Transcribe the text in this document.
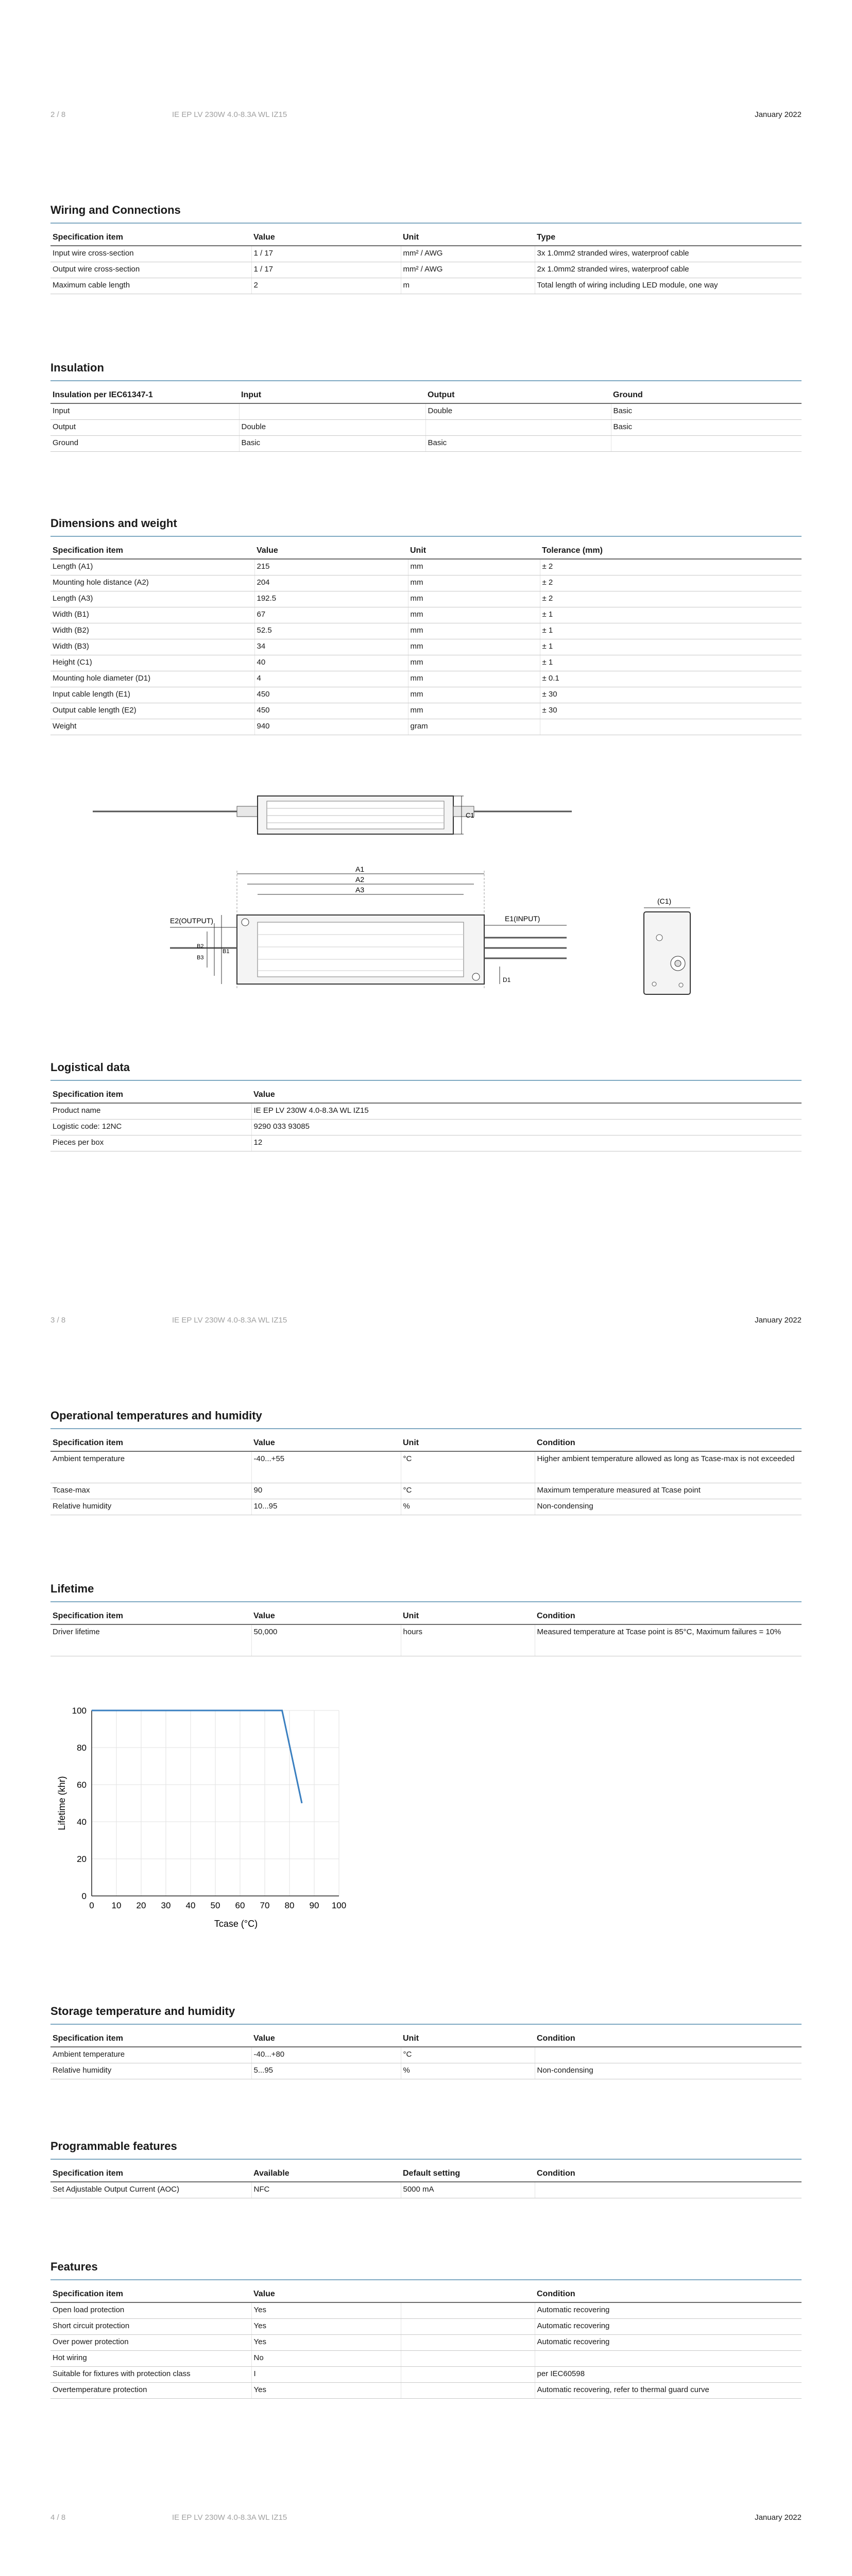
2 / 8	IE EP LV 230W 4.0-8.3A WL IZ15	January 2022
Wiring and Connections
Specification item	Value	Unit	Type
Input wire cross-section	1 / 17	mm² / AWG	3x 1.0mm2 stranded wires, waterproof cable
Output wire cross-section	1 / 17	mm² / AWG	2x 1.0mm2 stranded wires, waterproof cable
Maximum cable length	2	m	Total length of wiring including LED module, one way
Insulation
Insulation per IEC61347-1	Input	Output	Ground
Input		Double	Basic
Output	Double		Basic
Ground	Basic	Basic	
Dimensions and weight
Specification item	Value	Unit	Tolerance (mm)
Length (A1)	215	mm	± 2
Mounting hole distance (A2)	204	mm	± 2
Length (A3)	192.5	mm	± 2
Width (B1)	67	mm	± 1
Width (B2)	52.5	mm	± 1
Width (B3)	34	mm	± 1
Height (C1)	40	mm	± 1
Mounting hole diameter (D1)	4	mm	± 0.1
Input cable length (E1)	450	mm	± 30
Output cable length (E2)	450	mm	± 30
Weight	940	gram	
C1
A1
A2
A3
E2(OUTPUT)	E1(INPUT)
B1
B2
B3
D1
(C1)
Logistical data
Specification item	Value
Product name	IE EP LV 230W 4.0-8.3A WL IZ15
Logistic code: 12NC	9290 033 93085
Pieces per box	12
3 / 8	IE EP LV 230W 4.0-8.3A WL IZ15	January 2022
Operational temperatures and humidity
Specification item	Value	Unit	Condition
Ambient temperature	-40...+55	°C	Higher ambient temperature allowed as long as Tcase-max is not exceeded
Tcase-max	90	°C	Maximum temperature measured at Tcase point
Relative humidity	10...95	%	Non-condensing
Lifetime
Specification item	Value	Unit	Condition
Driver lifetime	50,000	hours	Measured temperature at Tcase point is 85°C, Maximum failures = 10%
0 10 20 30 40 50 60 70 80 90 100
0
20
40
60
80
100
Tcase (°C)
Lifetime (khr)
Storage temperature and humidity
Specification item	Value	Unit	Condition
Ambient temperature	-40...+80	°C	
Relative humidity	5...95	%	Non-condensing
Programmable features
Specification item	Available	Default setting	Condition
Set Adjustable Output Current (AOC)	NFC	5000 mA	
Features
Specification item	Value		Condition
Open load protection	Yes		Automatic recovering
Short circuit protection	Yes		Automatic recovering
Over power protection	Yes		Automatic recovering
Hot wiring	No		
Suitable for fixtures with protection class	I		per IEC60598
Overtemperature protection	Yes		Automatic recovering, refer to thermal guard curve
4 / 8	IE EP LV 230W 4.0-8.3A WL IZ15	January 2022
